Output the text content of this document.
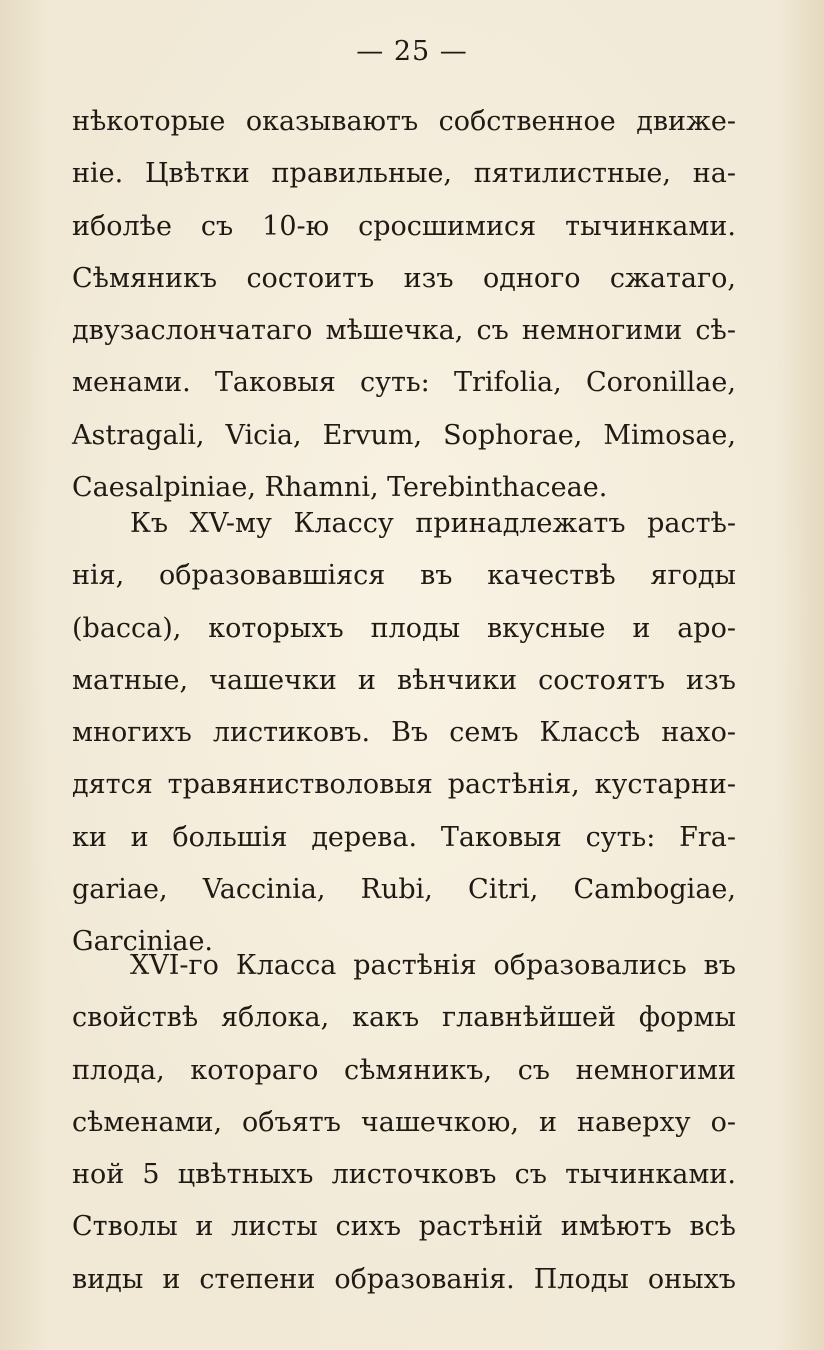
— 25 —
нѣкоторые оказываютъ собственное движе-
ніе. Цвѣтки правильные, пятилистные, на-
иболѣе съ 10-ю сросшимися тычинками.
Сѣмяникъ состоитъ изъ одного сжатаго,
двузаслончатаго мѣшечка, съ немногими сѣ-
менами. Таковыя суть: Trifolia, Coronillae,
Astragali, Vicia, Ervum, Sophorae, Mimosae,
Caesalpiniae, Rhamni, Terebinthaceae.
Къ XV-му Классу принадлежатъ растѣ-
нія, образовавшіяся въ качествѣ ягоды
(bacca), которыхъ плоды вкусные и аро-
матные, чашечки и вѣнчики состоятъ изъ
многихъ листиковъ. Въ семъ Классѣ нахо-
дятся травянистволовыя растѣнія, кустарни-
ки и большія дерева. Таковыя суть: Fra-
gariae, Vaccinia, Rubi, Citri, Cambogiae,
Garciniae.
XVI-го Класса растѣнія образовались въ
свойствѣ яблока, какъ главнѣйшей формы
плода, котораго сѣмяникъ, съ немногими
сѣменами, объятъ чашечкою, и наверху о-
ной 5 цвѣтныхъ листочковъ съ тычинками.
Стволы и листы сихъ растѣній имѣютъ всѣ
виды и степени образованія. Плоды оныхъ
